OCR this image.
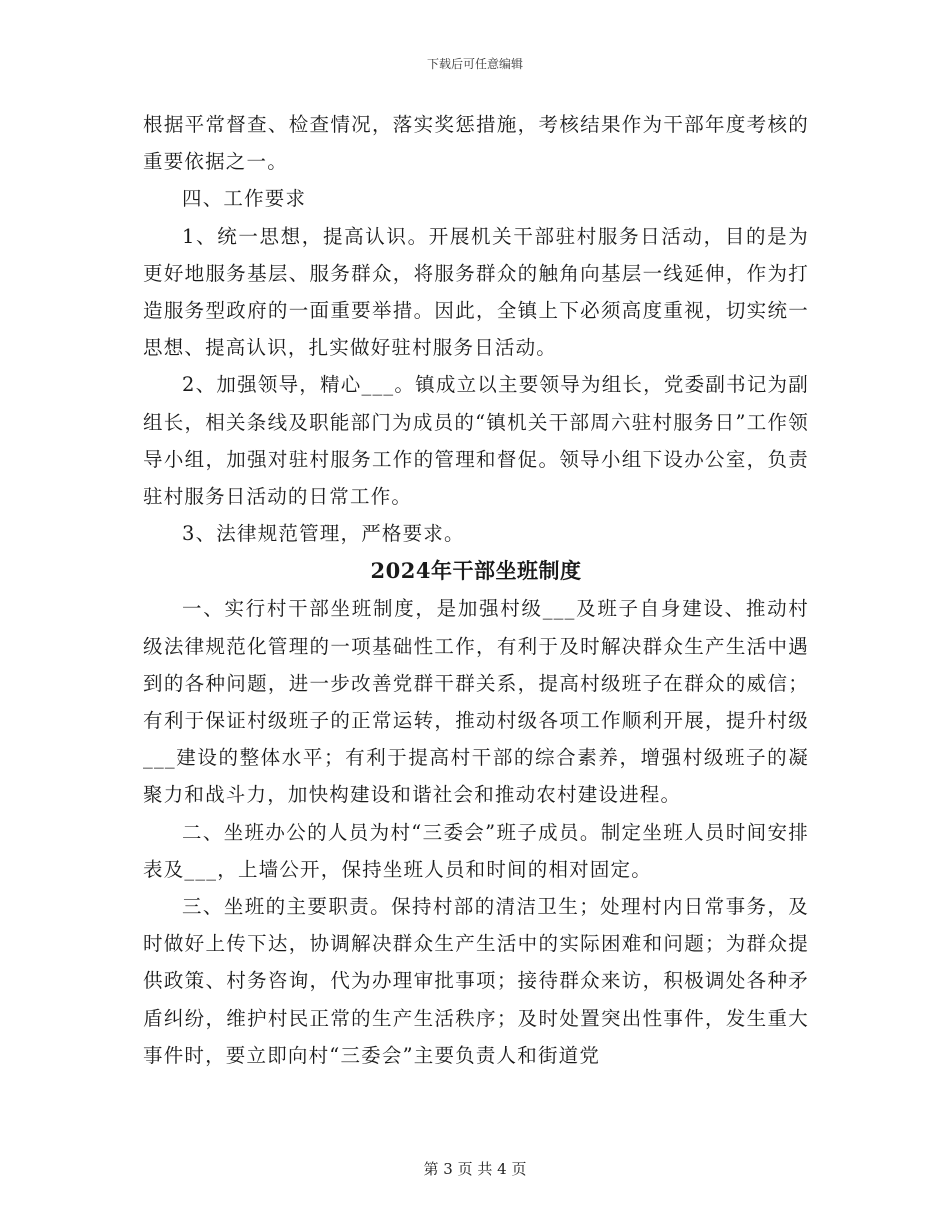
下载后可任意编辑

根据平常督查、检查情况，落实奖惩措施，考核结果作为干部年度考核的重要依据之一。

四、工作要求

1、统一思想，提高认识。开展机关干部驻村服务日活动，目的是为更好地服务基层、服务群众，将服务群众的触角向基层一线延伸，作为打造服务型政府的一面重要举措。因此，全镇上下必须高度重视，切实统一思想、提高认识，扎实做好驻村服务日活动。

2、加强领导，精心___。镇成立以主要领导为组长，党委副书记为副组长，相关条线及职能部门为成员的“镇机关干部周六驻村服务日”工作领导小组，加强对驻村服务工作的管理和督促。领导小组下设办公室，负责驻村服务日活动的日常工作。

3、法律规范管理，严格要求。

2024年干部坐班制度

一、实行村干部坐班制度，是加强村级___及班子自身建设、推动村级法律规范化管理的一项基础性工作，有利于及时解决群众生产生活中遇到的各种问题，进一步改善党群干群关系，提高村级班子在群众的威信；有利于保证村级班子的正常运转，推动村级各项工作顺利开展，提升村级___建设的整体水平；有利于提高村干部的综合素养，增强村级班子的凝聚力和战斗力，加快构建设和谐社会和推动农村建设进程。

二、坐班办公的人员为村“三委会”班子成员。制定坐班人员时间安排表及___，上墙公开，保持坐班人员和时间的相对固定。

三、坐班的主要职责。保持村部的清洁卫生；处理村内日常事务，及时做好上传下达，协调解决群众生产生活中的实际困难和问题；为群众提供政策、村务咨询，代为办理审批事项；接待群众来访，积极调处各种矛盾纠纷，维护村民正常的生产生活秩序；及时处置突出性事件，发生重大事件时，要立即向村“三委会”主要负责人和街道党

第 3 页 共 4 页
